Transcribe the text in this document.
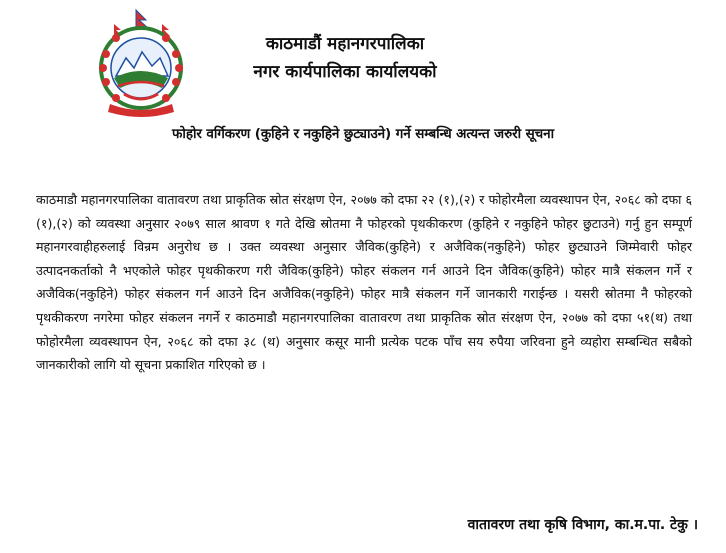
काठमाडौं महानगरपालिका
नगर कार्यपालिका कार्यालयको
फोहोर वर्गिकरण (कुहिने र नकुहिने छुट्याउने) गर्ने सम्बन्धि अत्यन्त जरुरी सूचना
काठमाडौ महानगरपालिका वातावरण तथा प्राकृतिक स्रोत संरक्षण ऐन, २०७७ को दफा २२ (१),(२) र फोहोरमैला व्यवस्थापन ऐन, २०६८ को दफा ६ (१),(२) को व्यवस्था अनुसार २०७९ साल श्रावण १ गते देखि स्रोतमा नै फोहरको पृथकीकरण (कुहिने र नकुहिने फोहर छुटाउने) गर्नु हुन सम्पूर्ण महानगरवाहीहरुलाई विन्रम अनुरोध छ । उक्त व्यवस्था अनुसार जैविक(कुहिने) र अजैविक(नकुहिने) फोहर छुट्याउने जिम्मेवारी फोहर उत्पादनकर्ताको नै भएकोले फोहर पृथकीकरण गरी जैविक(कुहिने) फोहर संकलन गर्न आउने दिन जैविक(कुहिने) फोहर मात्रै संकलन गर्ने र अजैविक(नकुहिने) फोहर संकलन गर्न आउने दिन अजैविक(नकुहिने) फोहर मात्रै संकलन गर्ने जानकारी गराईन्छ । यसरी स्रोतमा नै फोहरको पृथकीकरण नगरेमा फोहर संकलन नगर्ने र काठमाडौ महानगरपालिका वातावरण तथा प्राकृतिक स्रोत संरक्षण ऐन, २०७७ को दफा ५१(थ) तथा फोहोरमैला व्यवस्थापन ऐन, २०६८ को दफा ३८ (थ) अनुसार कसूर मानी प्रत्येक पटक पाँच सय रुपैया जरिवना हुने व्यहोरा सम्बन्धित सबैको जानकारीको लागि यो सूचना प्रकाशित गरिएको छ ।
वातावरण तथा कृषि विभाग, का.म.पा. टेकु ।
